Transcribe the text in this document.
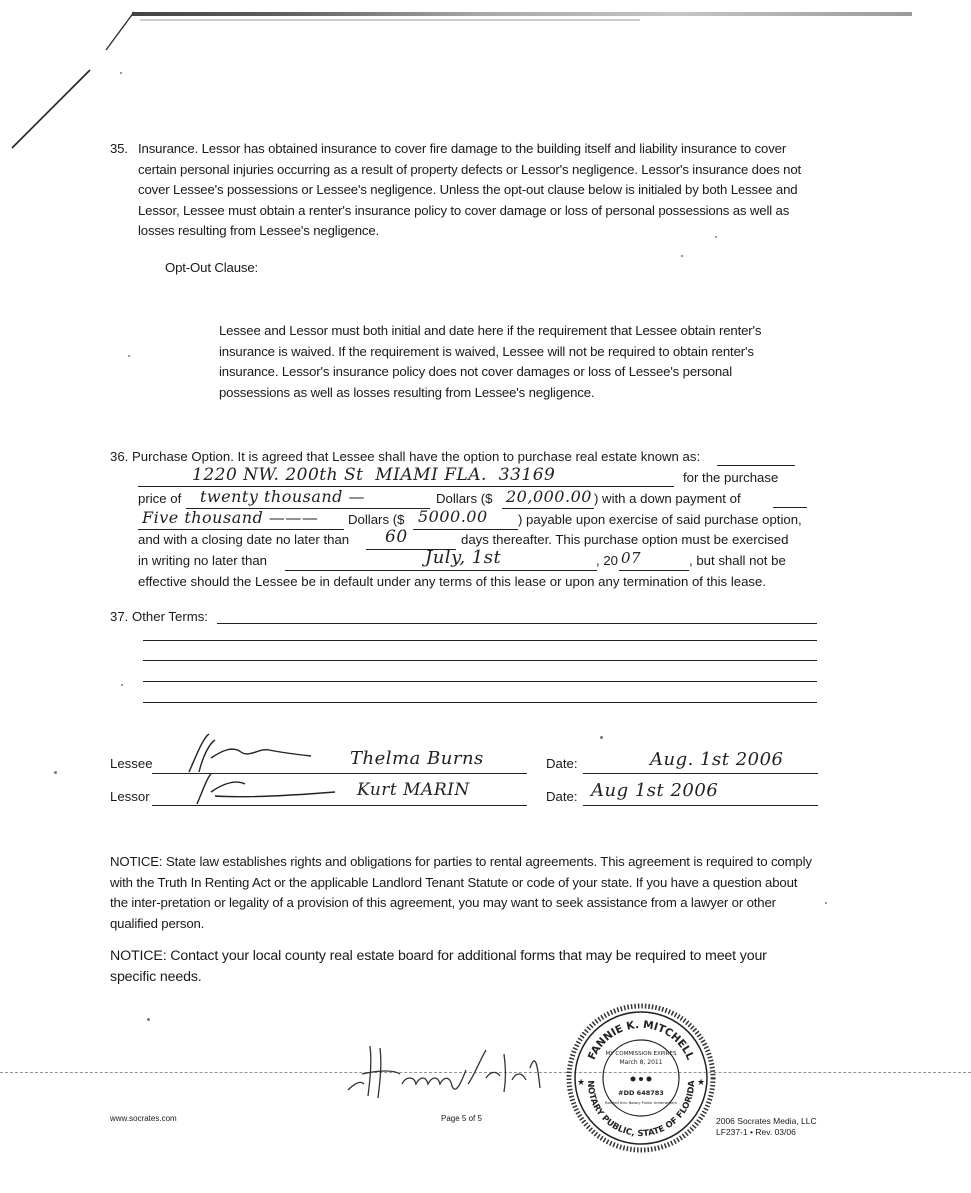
35. Insurance. Lessor has obtained insurance to cover fire damage to the building itself and liability insurance to cover certain personal injuries occurring as a result of property defects or Lessor's negligence. Lessor's insurance does not cover Lessee's possessions or Lessee's negligence. Unless the opt-out clause below is initialed by both Lessee and Lessor, Lessee must obtain a renter's insurance policy to cover damage or loss of personal possessions as well as losses resulting from Lessee's negligence.
Opt-Out Clause:
Lessee and Lessor must both initial and date here if the requirement that Lessee obtain renter's insurance is waived. If the requirement is waived, Lessee will not be required to obtain renter's insurance. Lessor's insurance policy does not cover damages or loss of Lessee's personal possessions as well as losses resulting from Lessee's negligence.
36. Purchase Option. It is agreed that Lessee shall have the option to purchase real estate known as:
1220 NW. 200th St  MIAMI FLA.  33169	for the purchase
price of twenty thousand —	Dollars ($ 20,000.00 ) with a down payment of
Five thousand ——— Dollars ($ 5000.00 ) payable upon exercise of said purchase option,
and with a closing date no later than 60	days thereafter. This purchase option must be exercised
in writing no later than	July, 1st	, 20 07	, but shall not be
effective should the Lessee be in default under any terms of this lease or upon any termination of this lease.
37. Other Terms:
Lessee	Thelma Burns	Date:	Aug. 1st 2006
Lessor	Kurt MARIN	Date: Aug 1st 2006
NOTICE: State law establishes rights and obligations for parties to rental agreements. This agreement is required to comply with the Truth In Renting Act or the applicable Landlord Tenant Statute or code of your state. If you have a question about the inter-pretation or legality of a provision of this agreement, you may want to seek assistance from a lawyer or other qualified person.
NOTICE: Contact your local county real estate board for additional forms that may be required to meet your specific needs.
FANNIE K. MITCHELL
NOTARY PUBLIC, STATE OF FLORIDA
MY COMMISSION EXPIRES
March 8, 2011
#DD 648783
Bonded thru Notary Public Underwriters
★
★
www.socrates.com	Page 5 of 5	2006 Socrates Media, LLC
LF237-1 • Rev. 03/06
